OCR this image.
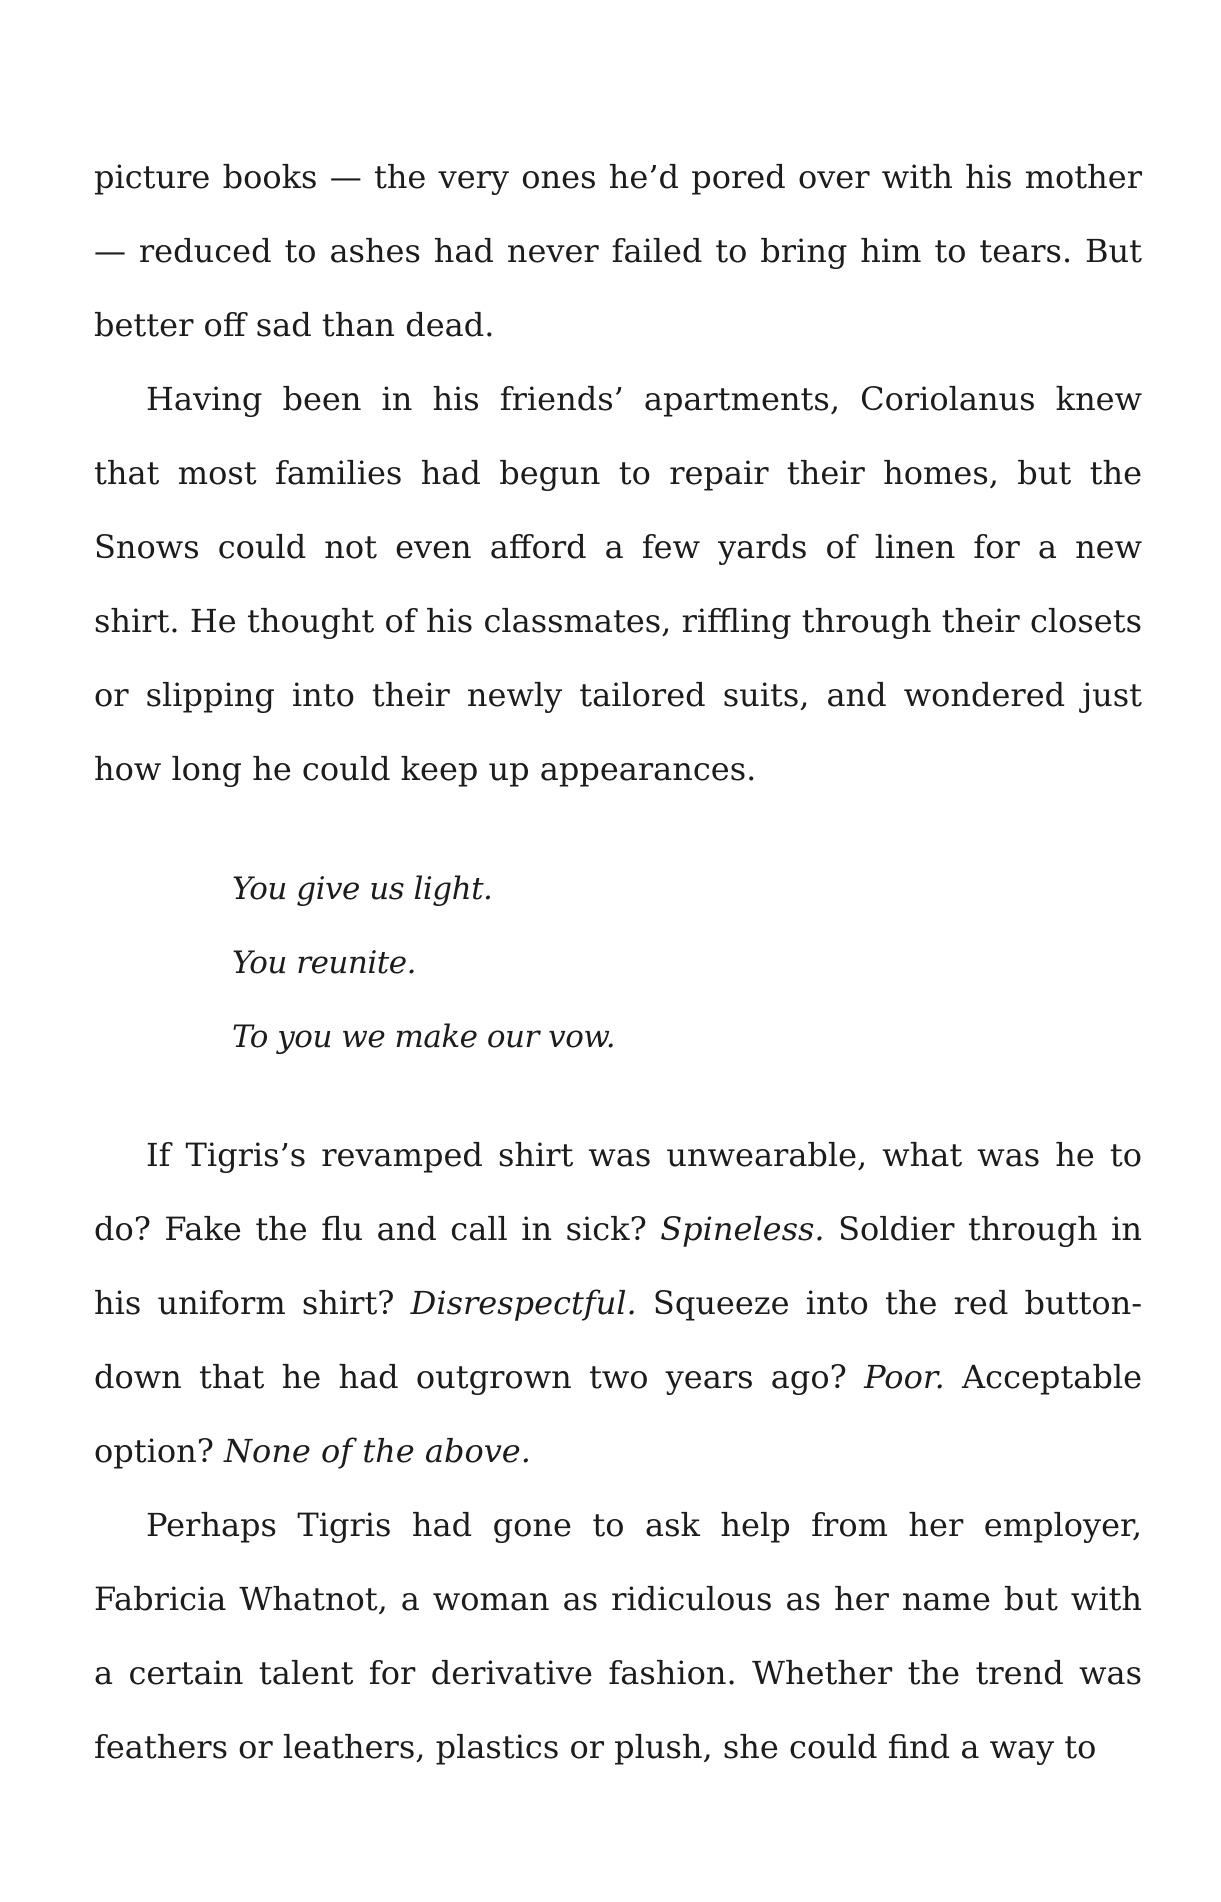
picture books — the very ones he’d pored over with his mother — reduced to ashes had never failed to bring him to tears. But better off sad than dead.

Having been in his friends’ apartments, Coriolanus knew that most families had begun to repair their homes, but the Snows could not even afford a few yards of linen for a new shirt. He thought of his classmates, riffling through their closets or slipping into their newly tailored suits, and wondered just how long he could keep up appearances.

You give us light.

You reunite.

To you we make our vow.

If Tigris’s revamped shirt was unwearable, what was he to do? Fake the flu and call in sick? Spineless. Soldier through in his uniform shirt? Disrespectful. Squeeze into the red button-down that he had outgrown two years ago? Poor. Acceptable option? None of the above.

Perhaps Tigris had gone to ask help from her employer, Fabricia Whatnot, a woman as ridiculous as her name but with a certain talent for derivative fashion. Whether the trend was feathers or leathers, plastics or plush, she could find a way to
